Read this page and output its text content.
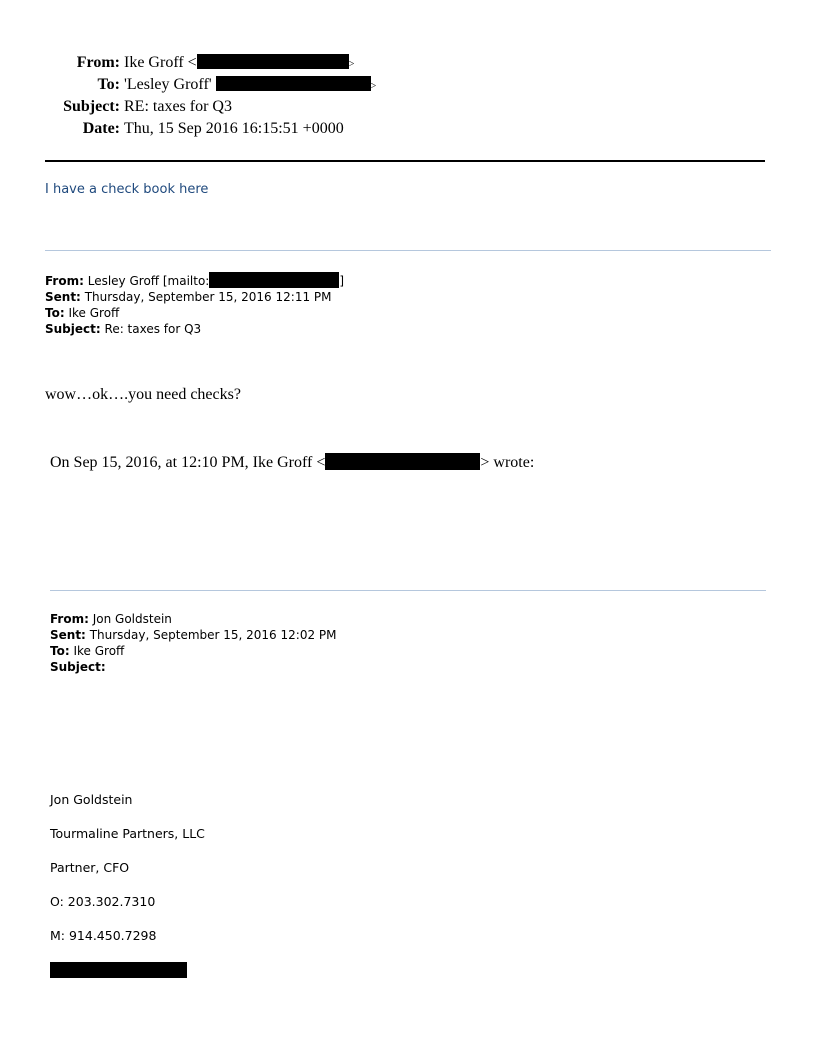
From: Ike Groff <	>
To: 'Lesley Groff'	>
Subject: RE: taxes for Q3
Date: Thu, 15 Sep 2016 16:15:51 +0000
I have a check book here
From: Lesley Groff [mailto:	]
Sent: Thursday, September 15, 2016 12:11 PM
To: Ike Groff
Subject: Re: taxes for Q3
wow…ok….you need checks?
On Sep 15, 2016, at 12:10 PM, Ike Groff <	> wrote:
From: Jon Goldstein
Sent: Thursday, September 15, 2016 12:02 PM
To: Ike Groff
Subject:
Jon Goldstein
Tourmaline Partners, LLC
Partner, CFO
O: 203.302.7310
M: 914.450.7298
